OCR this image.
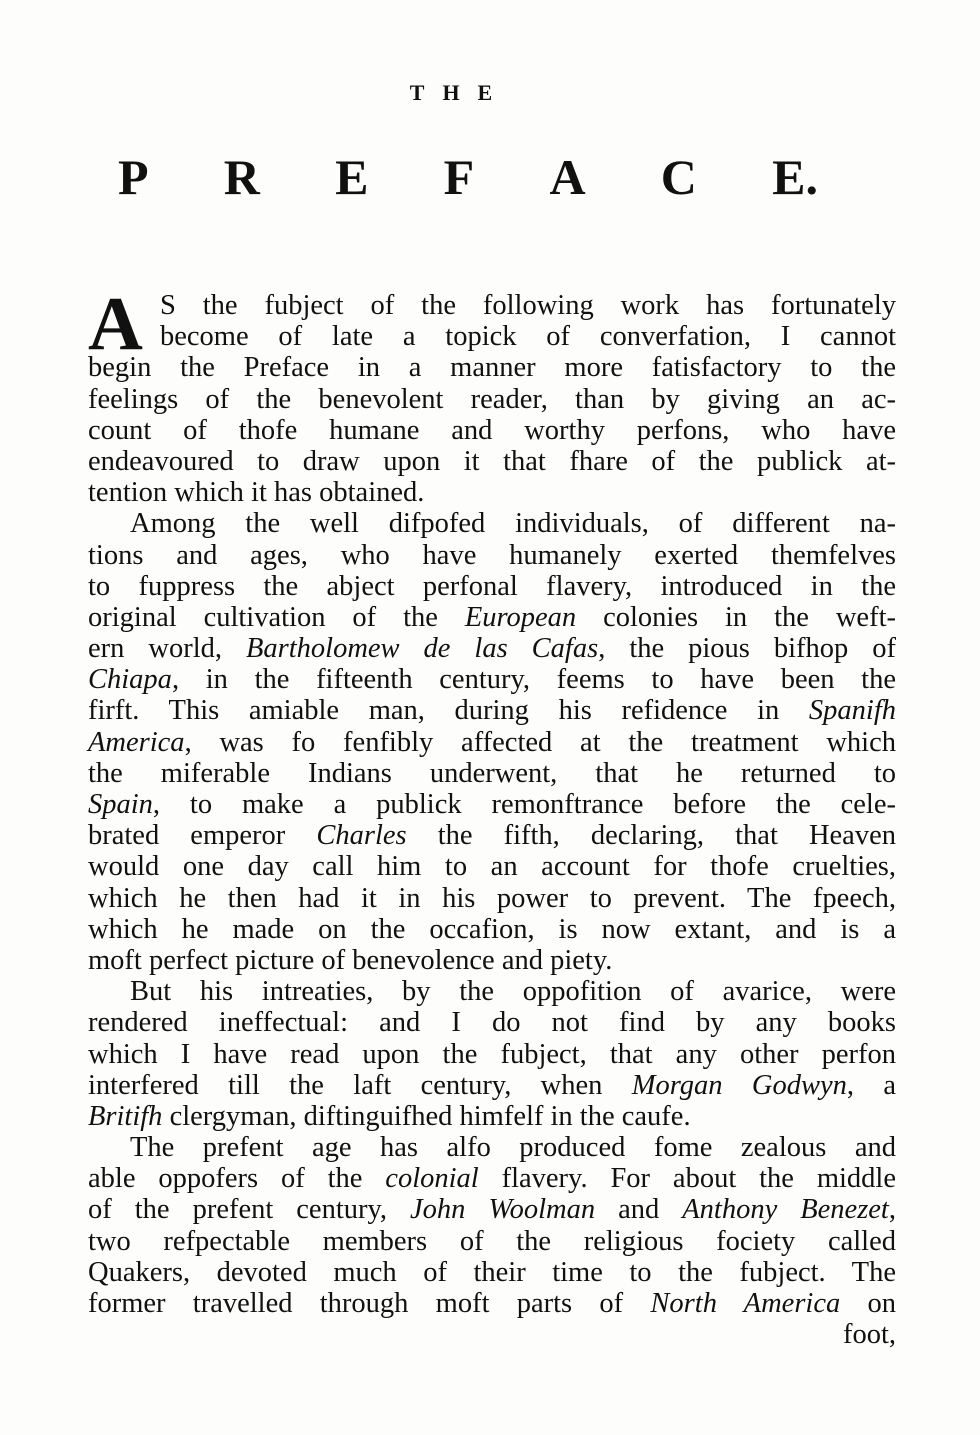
THE
P R E F A C E.
A S the fubject of the following work has fortunately
become of late a topick of converfation, I cannot
begin the Preface in a manner more fatisfactory to the
feelings of the benevolent reader, than by giving an ac-
count of thofe humane and worthy perfons, who have
endeavoured to draw upon it that fhare of the publick at-
tention which it has obtained.
Among the well difpofed individuals, of different na-
tions and ages, who have humanely exerted themfelves
to fuppress the abject perfonal flavery, introduced in the
original cultivation of the European colonies in the weft-
ern world, Bartholomew de las Cafas, the pious bifhop of
Chiapa, in the fifteenth century, feems to have been the
firft. This amiable man, during his refidence in Spanifh
America, was fo fenfibly affected at the treatment which
the miferable Indians underwent, that he returned to
Spain, to make a publick remonftrance before the cele-
brated emperor Charles the fifth, declaring, that Heaven
would one day call him to an account for thofe cruelties,
which he then had it in his power to prevent. The fpeech,
which he made on the occafion, is now extant, and is a
moft perfect picture of benevolence and piety.
But his intreaties, by the oppofition of avarice, were
rendered ineffectual: and I do not find by any books
which I have read upon the fubject, that any other perfon
interfered till the laft century, when Morgan Godwyn, a
Britifh clergyman, diftinguifhed himfelf in the caufe.
The prefent age has alfo produced fome zealous and
able oppofers of the colonial flavery. For about the middle
of the prefent century, John Woolman and Anthony Benezet,
two refpectable members of the religious fociety called
Quakers, devoted much of their time to the fubject. The
former travelled through moft parts of North America on
foot,
